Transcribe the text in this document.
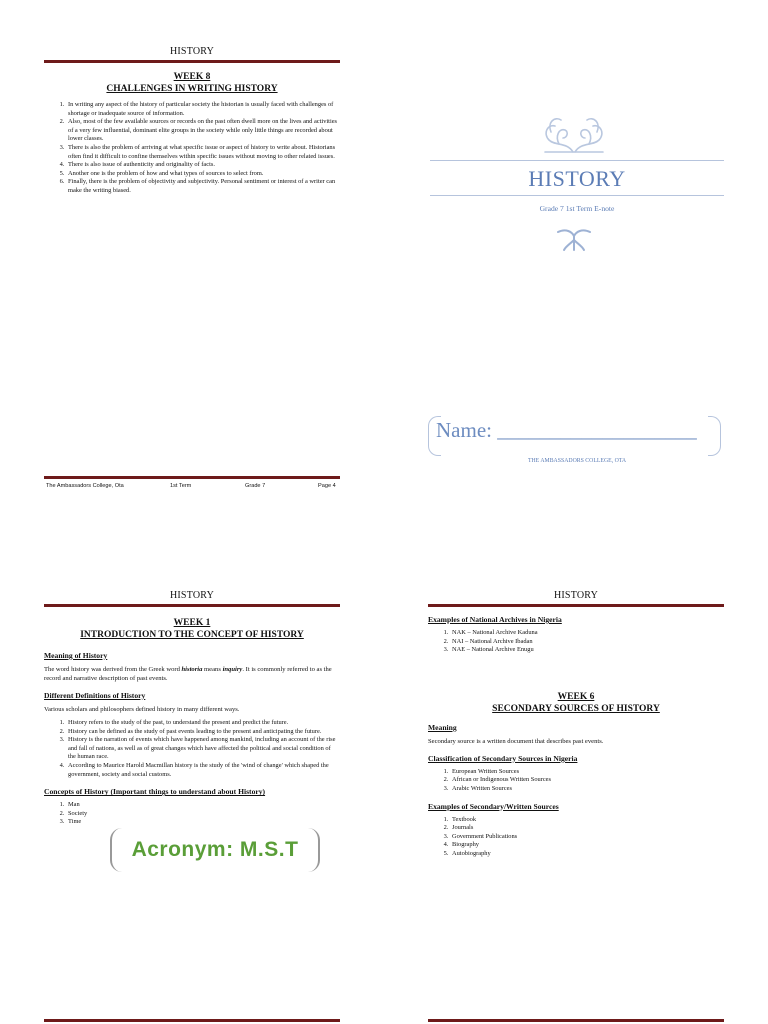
HISTORY
WEEK 8
CHALLENGES IN WRITING HISTORY
1. In writing any aspect of the history of particular society the historian is usually faced with challenges of shortage or inadequate source of information.
2. Also, most of the few available sources or records on the past often dwell more on the lives and activities of a very few influential, dominant elite groups in the society while only little things are recorded about lower classes.
3. There is also the problem of arriving at what specific issue or aspect of history to write about. Historians often find it difficult to confine themselves within specific issues without moving to other related issues.
4. There is also issue of authenticity and originality of facts.
5. Another one is the problem of how and what types of sources to select from.
6. Finally, there is the problem of objectivity and subjectivity. Personal sentiment or interest of a writer can make the writing biased.
The Ambassadors College, Ota	1st Term	Grade 7	Page 4
HISTORY
Grade 7 1st Term E-note
Name: ___________________
THE AMBASSADORS COLLEGE, OTA
HISTORY
WEEK 1
INTRODUCTION TO THE CONCEPT OF HISTORY
Meaning of History

The word history was derived from the Greek word historia means inquiry. It is commonly referred to as the record and narrative description of past events.

Different Definitions of History

Various scholars and philosophers defined history in many different ways.

1. History refers to the study of the past, to understand the present and predict the future.
2. History can be defined as the study of past events leading to the present and anticipating the future.
3. History is the narration of events which have happened among mankind, including an account of the rise and fall of nations, as well as of great changes which have affected the political and social condition of the human race.
4. According to Maurice Harold Macmillan history is the study of the 'wind of change' which shaped the government, society and social customs.
Concepts of History (Important things to understand about History)
1. Man
2. Society
3. Time
Acronym: M.S.T
HISTORY
Examples of National Archives in Nigeria
1. NAK – National Archive Kaduna
2. NAI – National Archive Ibadan
3. NAE – National Archive Enugu
WEEK 6
SECONDARY SOURCES OF HISTORY
Meaning

Secondary source is a written document that describes past events.

Classification of Secondary Sources in Nigeria
1. European Written Sources
2. African or Indigenous Written Sources
3. Arabic Written Sources
Examples of Secondary/Written Sources
1. Textbook
2. Journals
3. Government Publications
4. Biography
5. Autobiography
